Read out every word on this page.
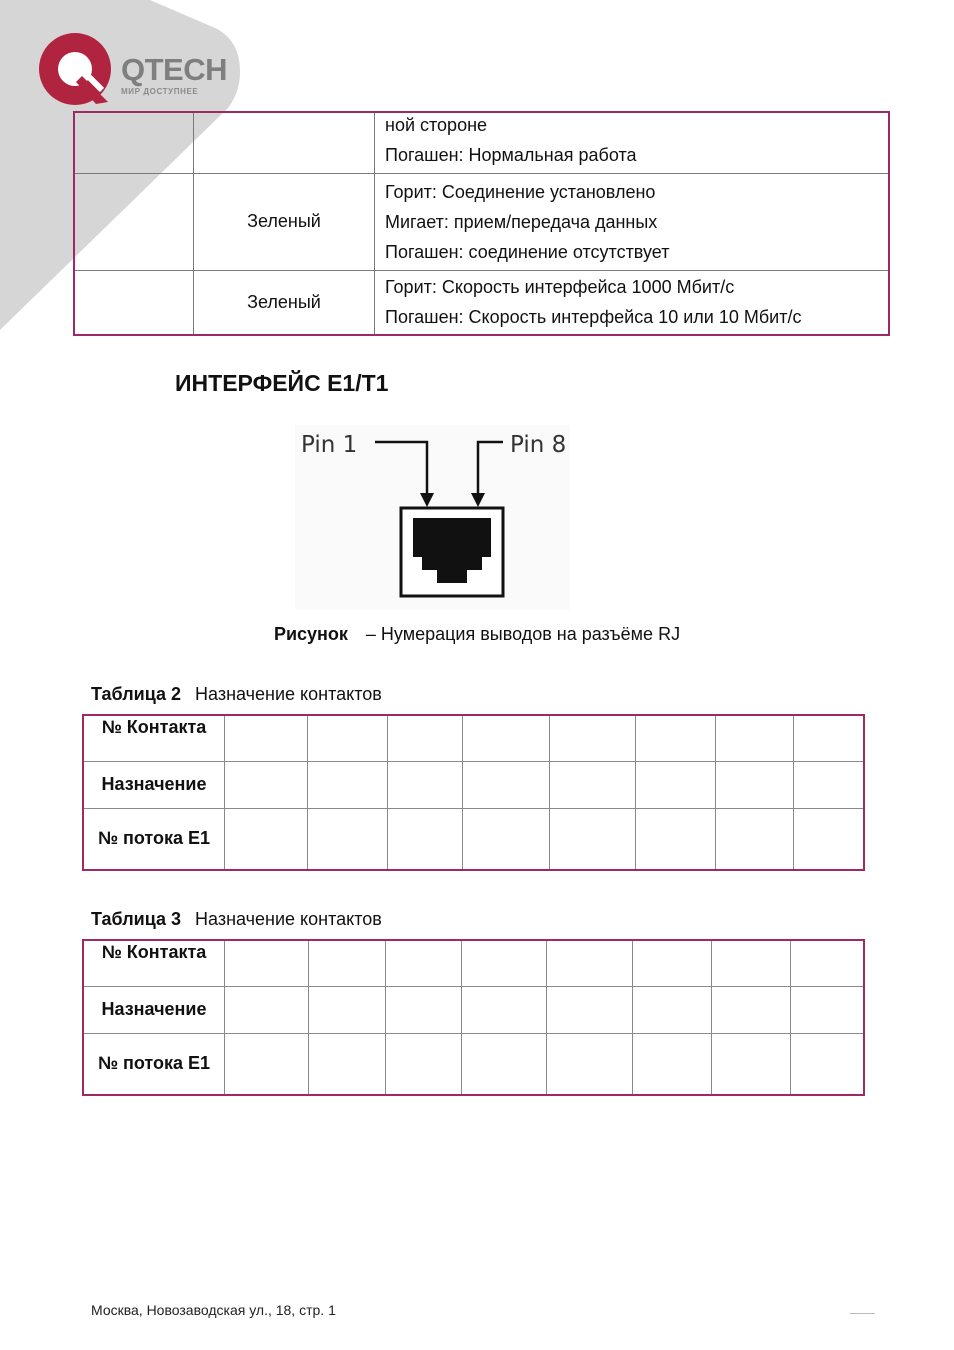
QTECH
МИР ДОСТУПНЕЕ

		ной стороне
Погашен: Нормальная работа

	Зеленый	Горит: Соединение установлено
Мигает: прием/передача данных
Погашен: соединение отсутствует

	Зеленый	Горит: Скорость интерфейса 1000 Мбит/с
Погашен: Скорость интерфейса 10 или 10 Мбит/с
ИНТЕРФЕЙС E1/T1
Pin 1	Pin 8
Рисунок – Нумерация выводов на разъёме RJ
Таблица 2 Назначение контактов
№ Контакта								
Назначение								
№ потока E1								
Таблица 3 Назначение контактов
№ Контакта								
Назначение								
№ потока E1								
Москва, Новозаводская ул., 18, стр. 1
